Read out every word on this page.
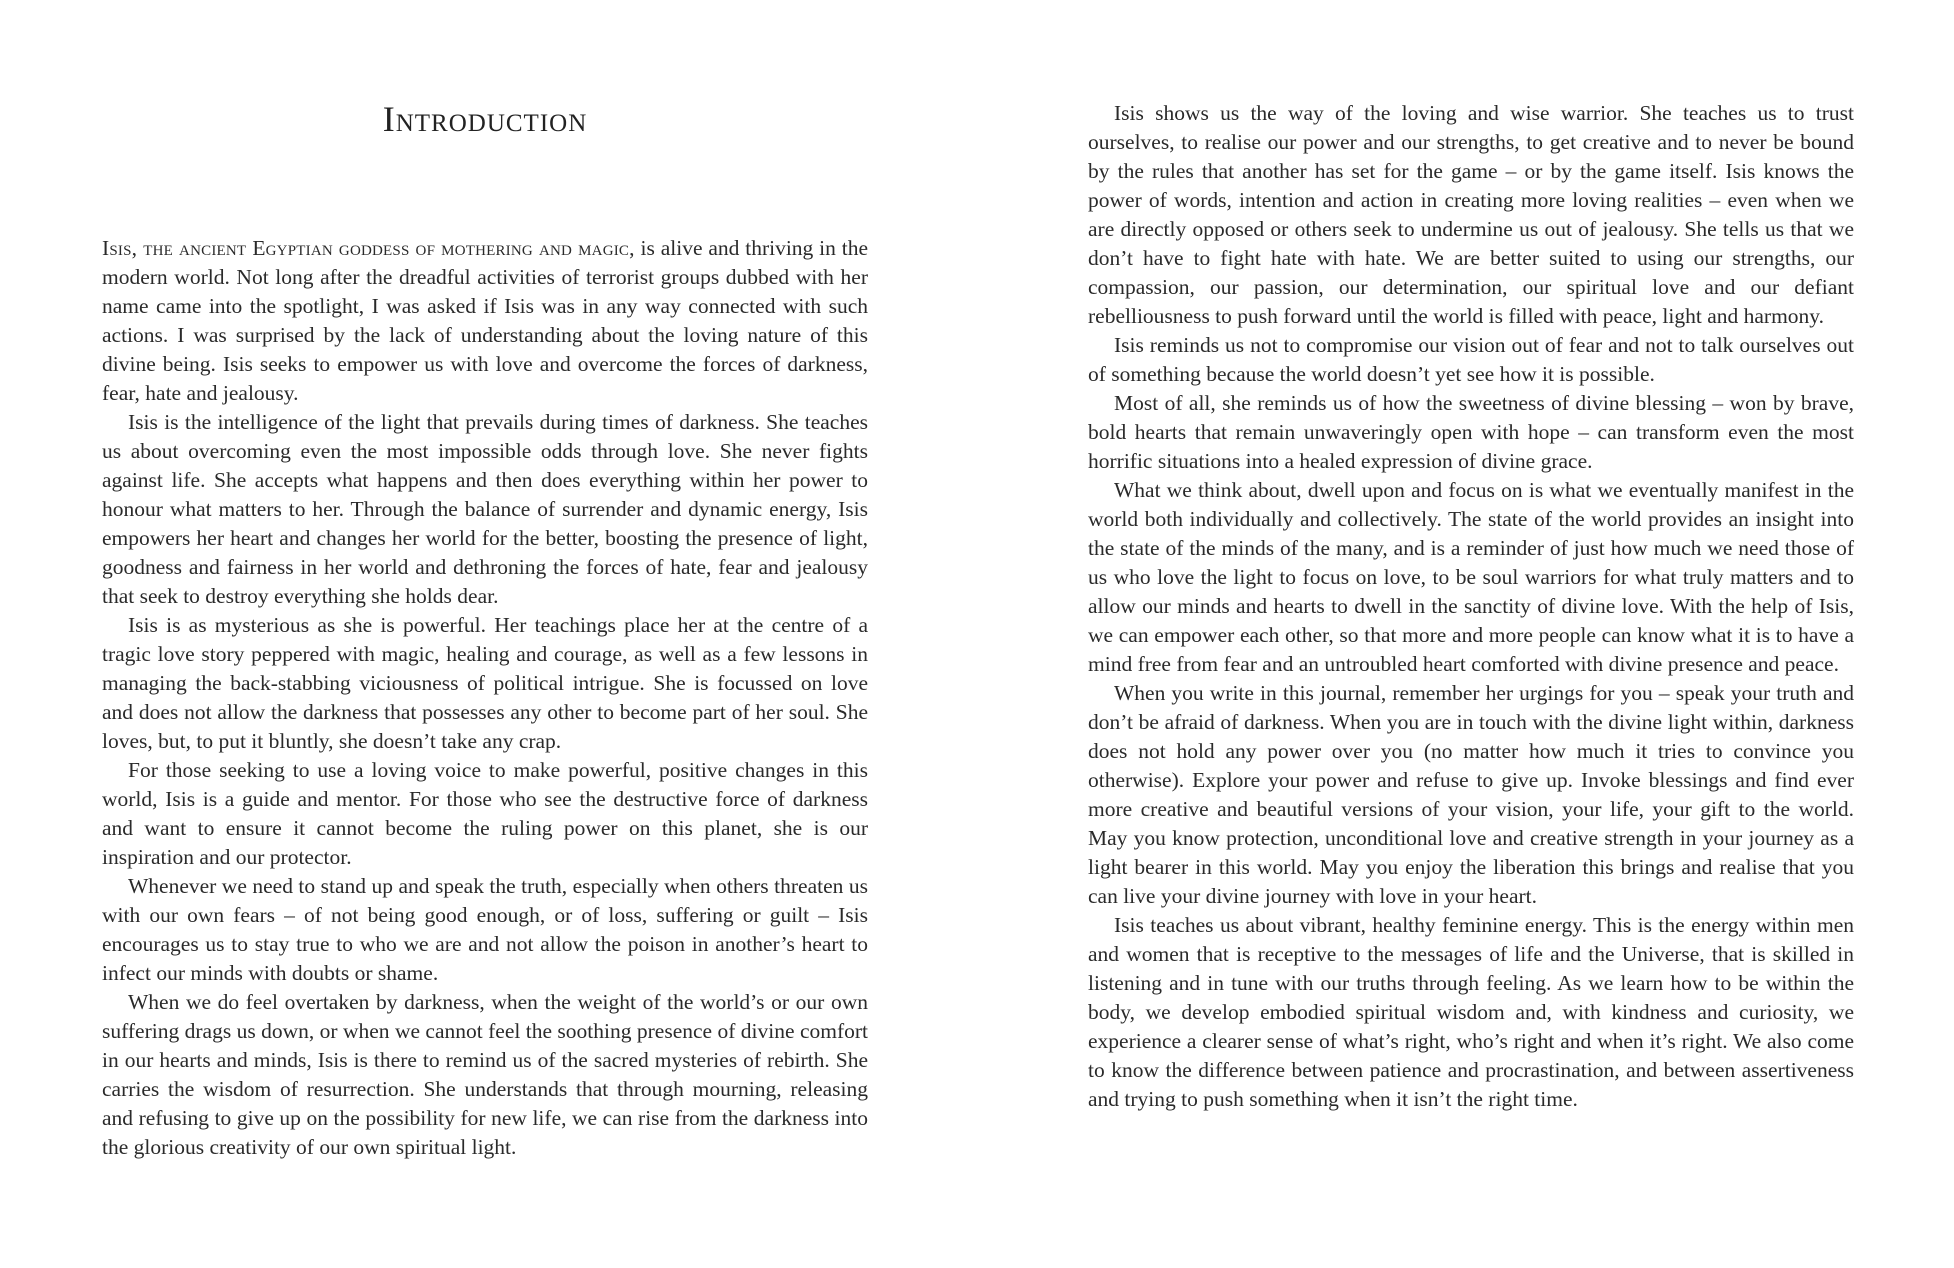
Introduction

Isis, the ancient Egyptian goddess of mothering and magic, is alive and thriving in the modern world. Not long after the dreadful activities of terrorist groups dubbed with her name came into the spotlight, I was asked if Isis was in any way connected with such actions. I was surprised by the lack of understanding about the loving nature of this divine being. Isis seeks to empower us with love and overcome the forces of darkness, fear, hate and jealousy.

Isis is the intelligence of the light that prevails during times of darkness. She teaches us about overcoming even the most impossible odds through love. She never fights against life. She accepts what happens and then does everything within her power to honour what matters to her. Through the balance of surrender and dynamic energy, Isis empowers her heart and changes her world for the better, boosting the presence of light, goodness and fairness in her world and dethroning the forces of hate, fear and jealousy that seek to destroy everything she holds dear.

Isis is as mysterious as she is powerful. Her teachings place her at the centre of a tragic love story peppered with magic, healing and courage, as well as a few lessons in managing the back-stabbing viciousness of political intrigue. She is focussed on love and does not allow the darkness that possesses any other to become part of her soul. She loves, but, to put it bluntly, she doesn’t take any crap.

For those seeking to use a loving voice to make powerful, positive changes in this world, Isis is a guide and mentor. For those who see the destructive force of darkness and want to ensure it cannot become the ruling power on this planet, she is our inspiration and our protector.

Whenever we need to stand up and speak the truth, especially when others threaten us with our own fears – of not being good enough, or of loss, suffering or guilt – Isis encourages us to stay true to who we are and not allow the poison in another’s heart to infect our minds with doubts or shame.

When we do feel overtaken by darkness, when the weight of the world’s or our own suffering drags us down, or when we cannot feel the soothing presence of divine comfort in our hearts and minds, Isis is there to remind us of the sacred mysteries of rebirth. She carries the wisdom of resurrection. She understands that through mourning, releasing and refusing to give up on the possibility for new life, we can rise from the darkness into the glorious creativity of our own spiritual light.

Isis shows us the way of the loving and wise warrior. She teaches us to trust ourselves, to realise our power and our strengths, to get creative and to never be bound by the rules that another has set for the game – or by the game itself. Isis knows the power of words, intention and action in creating more loving realities – even when we are directly opposed or others seek to undermine us out of jealousy. She tells us that we don’t have to fight hate with hate. We are better suited to using our strengths, our compassion, our passion, our determination, our spiritual love and our defiant rebelliousness to push forward until the world is filled with peace, light and harmony.

Isis reminds us not to compromise our vision out of fear and not to talk ourselves out of something because the world doesn’t yet see how it is possible.

Most of all, she reminds us of how the sweetness of divine blessing – won by brave, bold hearts that remain unwaveringly open with hope – can transform even the most horrific situations into a healed expression of divine grace.

What we think about, dwell upon and focus on is what we eventually manifest in the world both individually and collectively. The state of the world provides an insight into the state of the minds of the many, and is a reminder of just how much we need those of us who love the light to focus on love, to be soul warriors for what truly matters and to allow our minds and hearts to dwell in the sanctity of divine love. With the help of Isis, we can empower each other, so that more and more people can know what it is to have a mind free from fear and an untroubled heart comforted with divine presence and peace.

When you write in this journal, remember her urgings for you – speak your truth and don’t be afraid of darkness. When you are in touch with the divine light within, darkness does not hold any power over you (no matter how much it tries to convince you otherwise). Explore your power and refuse to give up. Invoke blessings and find ever more creative and beautiful versions of your vision, your life, your gift to the world. May you know protection, unconditional love and creative strength in your journey as a light bearer in this world. May you enjoy the liberation this brings and realise that you can live your divine journey with love in your heart.

Isis teaches us about vibrant, healthy feminine energy. This is the energy within men and women that is receptive to the messages of life and the Universe, that is skilled in listening and in tune with our truths through feeling. As we learn how to be within the body, we develop embodied spiritual wisdom and, with kindness and curiosity, we experience a clearer sense of what’s right, who’s right and when it’s right. We also come to know the difference between patience and procrastination, and between assertiveness and trying to push something when it isn’t the right time.
